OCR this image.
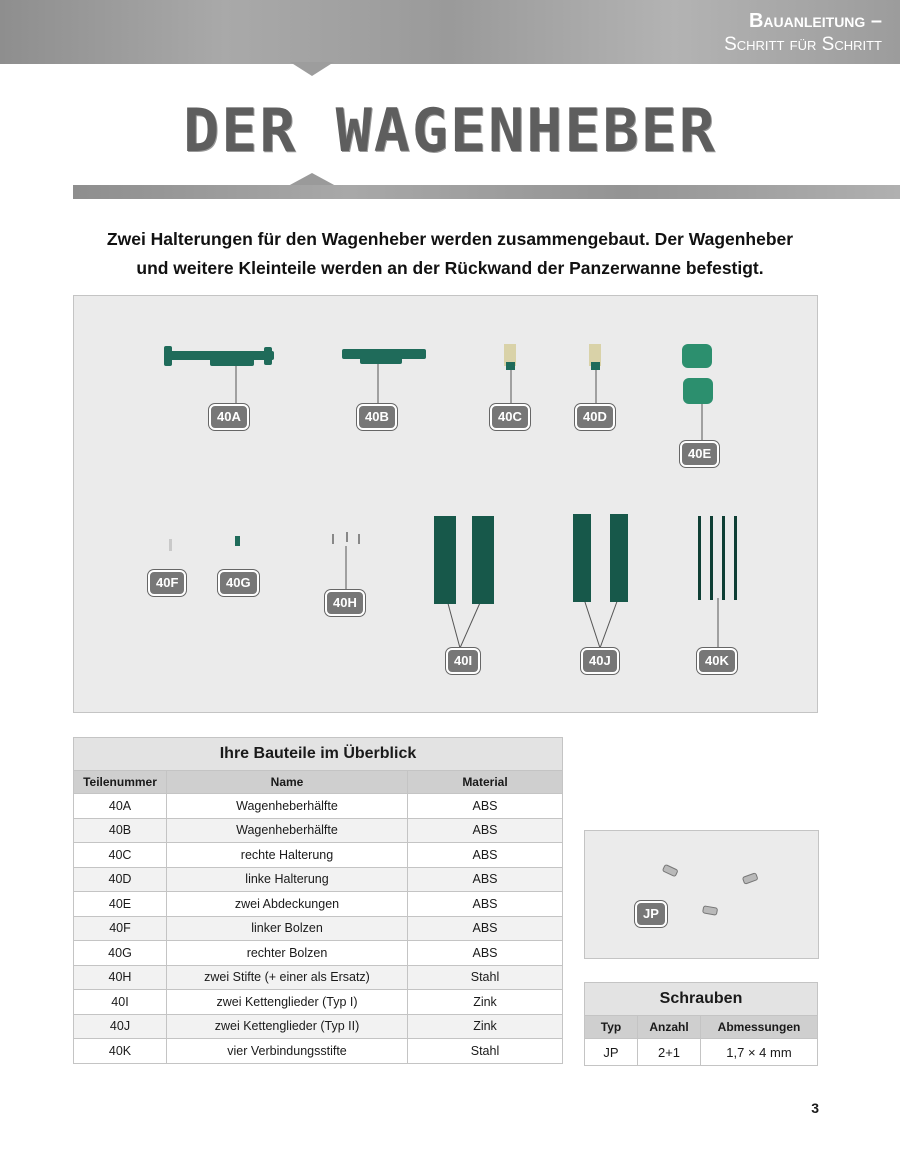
Bauanleitung –
Schritt für Schritt
DER WAGENHEBER
Zwei Halterungen für den Wagenheber werden zusammengebaut. Der Wagenheber
und weitere Kleinteile werden an der Rückwand der Panzerwanne befestigt.
40A	40B	40C	40D
40E
40F	40G
40H
40I	40J	40K
Ihre Bauteile im Überblick		
Teilenummer	Name	Material
40A	Wagenheberhälfte	ABS
40B	Wagenheberhälfte	ABS
40C	rechte Halterung	ABS
40D	linke Halterung	ABS
40E	zwei Abdeckungen	ABS
40F	linker Bolzen	ABS
40G	rechter Bolzen	ABS
40H	zwei Stifte (+ einer als Ersatz)	Stahl
40I	zwei Kettenglieder (Typ I)	Zink
40J	zwei Kettenglieder (Typ II)	Zink
40K	vier Verbindungsstifte	Stahl
JP
Schrauben		
Typ	Anzahl	Abmessungen
JP	2+1	1,7 × 4 mm
3
